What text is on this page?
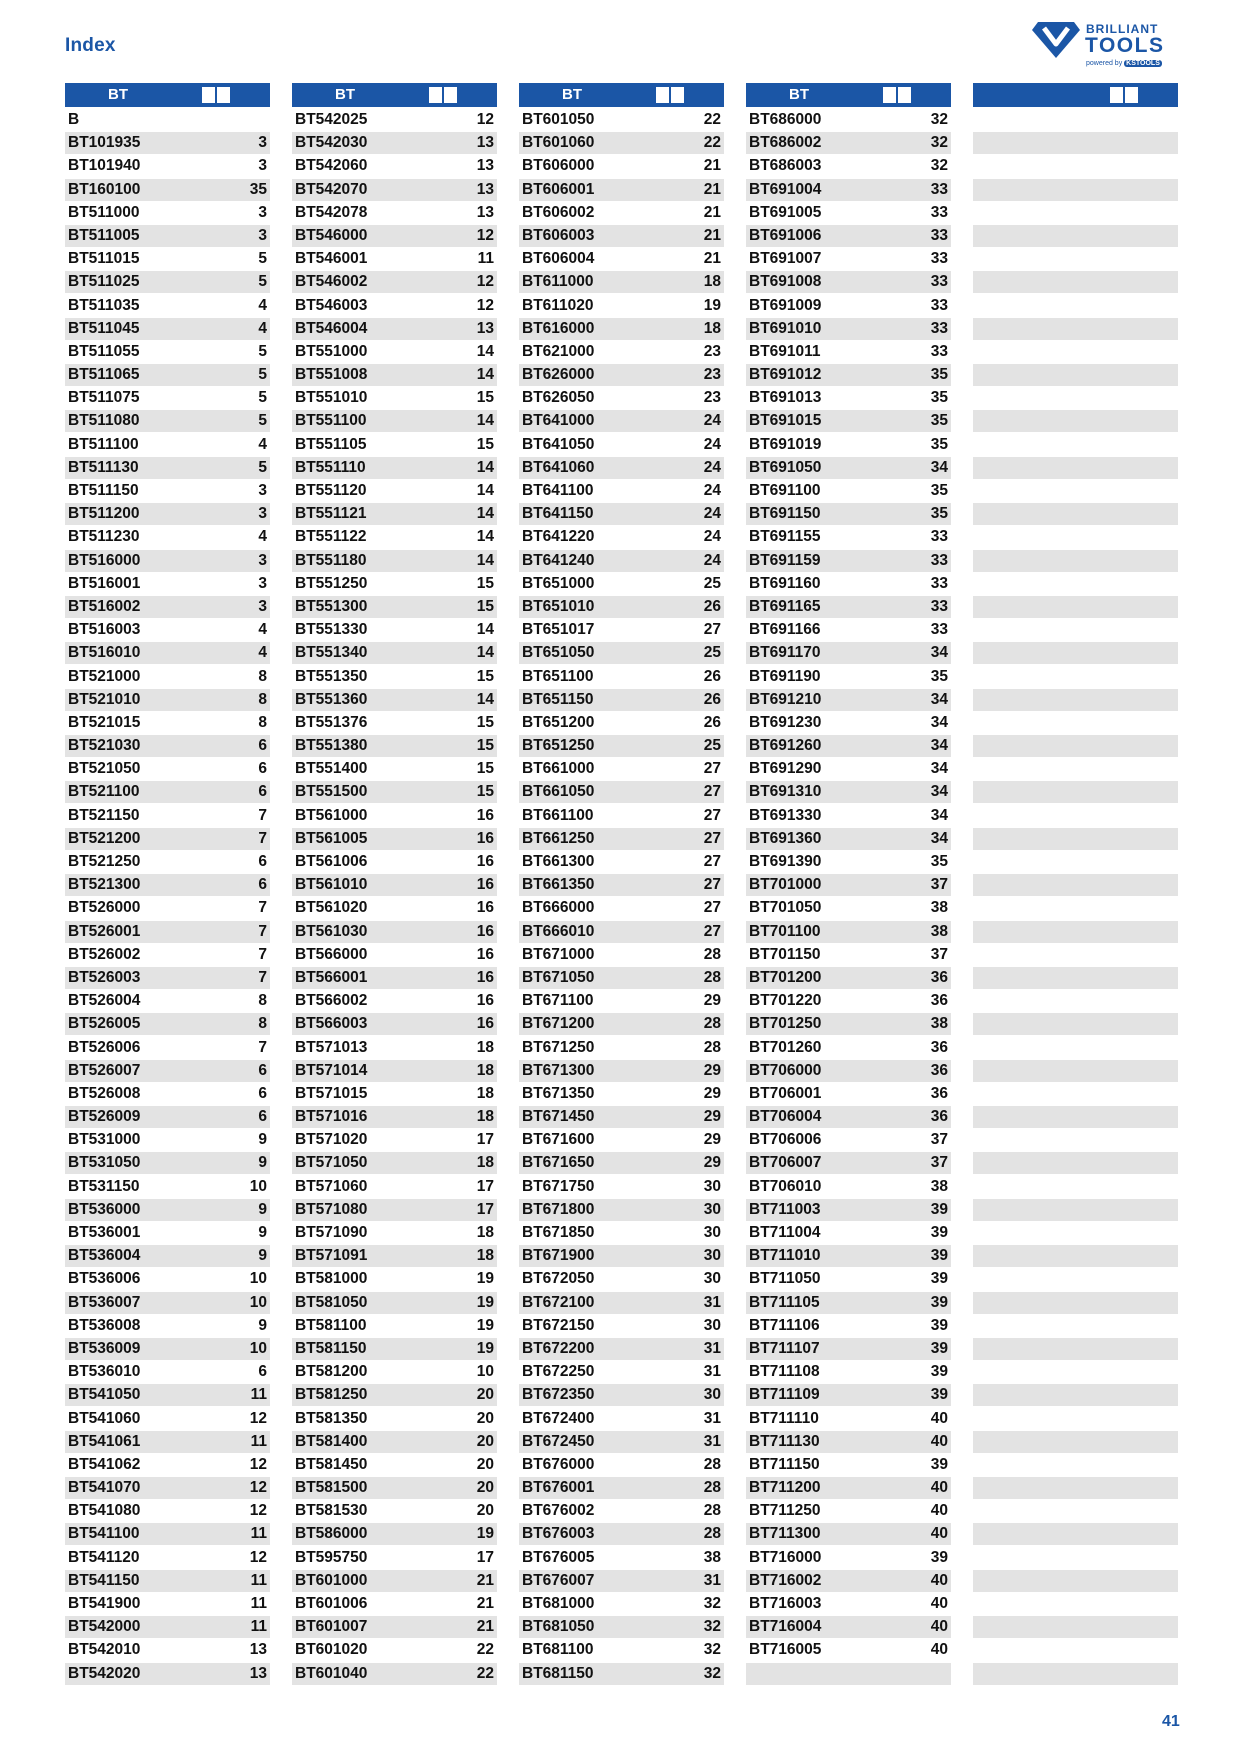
Index
BRILLIANT
TOOLS
powered by KSTOOLS
BT
B
BT101935	3
BT101940	3
BT160100	35
BT511000	3
BT511005	3
BT511015	5
BT511025	5
BT511035	4
BT511045	4
BT511055	5
BT511065	5
BT511075	5
BT511080	5
BT511100	4
BT511130	5
BT511150	3
BT511200	3
BT511230	4
BT516000	3
BT516001	3
BT516002	3
BT516003	4
BT516010	4
BT521000	8
BT521010	8
BT521015	8
BT521030	6
BT521050	6
BT521100	6
BT521150	7
BT521200	7
BT521250	6
BT521300	6
BT526000	7
BT526001	7
BT526002	7
BT526003	7
BT526004	8
BT526005	8
BT526006	7
BT526007	6
BT526008	6
BT526009	6
BT531000	9
BT531050	9
BT531150	10
BT536000	9
BT536001	9
BT536004	9
BT536006	10
BT536007	10
BT536008	9
BT536009	10
BT536010	6
BT541050	11
BT541060	12
BT541061	11
BT541062	12
BT541070	12
BT541080	12
BT541100	11
BT541120	12
BT541150	11
BT541900	11
BT542000	11
BT542010	13
BT542020	13
BT
BT542025	12
BT542030	13
BT542060	13
BT542070	13
BT542078	13
BT546000	12
BT546001	11
BT546002	12
BT546003	12
BT546004	13
BT551000	14
BT551008	14
BT551010	15
BT551100	14
BT551105	15
BT551110	14
BT551120	14
BT551121	14
BT551122	14
BT551180	14
BT551250	15
BT551300	15
BT551330	14
BT551340	14
BT551350	15
BT551360	14
BT551376	15
BT551380	15
BT551400	15
BT551500	15
BT561000	16
BT561005	16
BT561006	16
BT561010	16
BT561020	16
BT561030	16
BT566000	16
BT566001	16
BT566002	16
BT566003	16
BT571013	18
BT571014	18
BT571015	18
BT571016	18
BT571020	17
BT571050	18
BT571060	17
BT571080	17
BT571090	18
BT571091	18
BT581000	19
BT581050	19
BT581100	19
BT581150	19
BT581200	10
BT581250	20
BT581350	20
BT581400	20
BT581450	20
BT581500	20
BT581530	20
BT586000	19
BT595750	17
BT601000	21
BT601006	21
BT601007	21
BT601020	22
BT601040	22
BT
BT601050	22
BT601060	22
BT606000	21
BT606001	21
BT606002	21
BT606003	21
BT606004	21
BT611000	18
BT611020	19
BT616000	18
BT621000	23
BT626000	23
BT626050	23
BT641000	24
BT641050	24
BT641060	24
BT641100	24
BT641150	24
BT641220	24
BT641240	24
BT651000	25
BT651010	26
BT651017	27
BT651050	25
BT651100	26
BT651150	26
BT651200	26
BT651250	25
BT661000	27
BT661050	27
BT661100	27
BT661250	27
BT661300	27
BT661350	27
BT666000	27
BT666010	27
BT671000	28
BT671050	28
BT671100	29
BT671200	28
BT671250	28
BT671300	29
BT671350	29
BT671450	29
BT671600	29
BT671650	29
BT671750	30
BT671800	30
BT671850	30
BT671900	30
BT672050	30
BT672100	31
BT672150	30
BT672200	31
BT672250	31
BT672350	30
BT672400	31
BT672450	31
BT676000	28
BT676001	28
BT676002	28
BT676003	28
BT676005	38
BT676007	31
BT681000	32
BT681050	32
BT681100	32
BT681150	32
BT
BT686000	32
BT686002	32
BT686003	32
BT691004	33
BT691005	33
BT691006	33
BT691007	33
BT691008	33
BT691009	33
BT691010	33
BT691011	33
BT691012	35
BT691013	35
BT691015	35
BT691019	35
BT691050	34
BT691100	35
BT691150	35
BT691155	33
BT691159	33
BT691160	33
BT691165	33
BT691166	33
BT691170	34
BT691190	35
BT691210	34
BT691230	34
BT691260	34
BT691290	34
BT691310	34
BT691330	34
BT691360	34
BT691390	35
BT701000	37
BT701050	38
BT701100	38
BT701150	37
BT701200	36
BT701220	36
BT701250	38
BT701260	36
BT706000	36
BT706001	36
BT706004	36
BT706006	37
BT706007	37
BT706010	38
BT711003	39
BT711004	39
BT711010	39
BT711050	39
BT711105	39
BT711106	39
BT711107	39
BT711108	39
BT711109	39
BT711110	40
BT711130	40
BT711150	39
BT711200	40
BT711250	40
BT711300	40
BT716000	39
BT716002	40
BT716003	40
BT716004	40
BT716005	40
41
